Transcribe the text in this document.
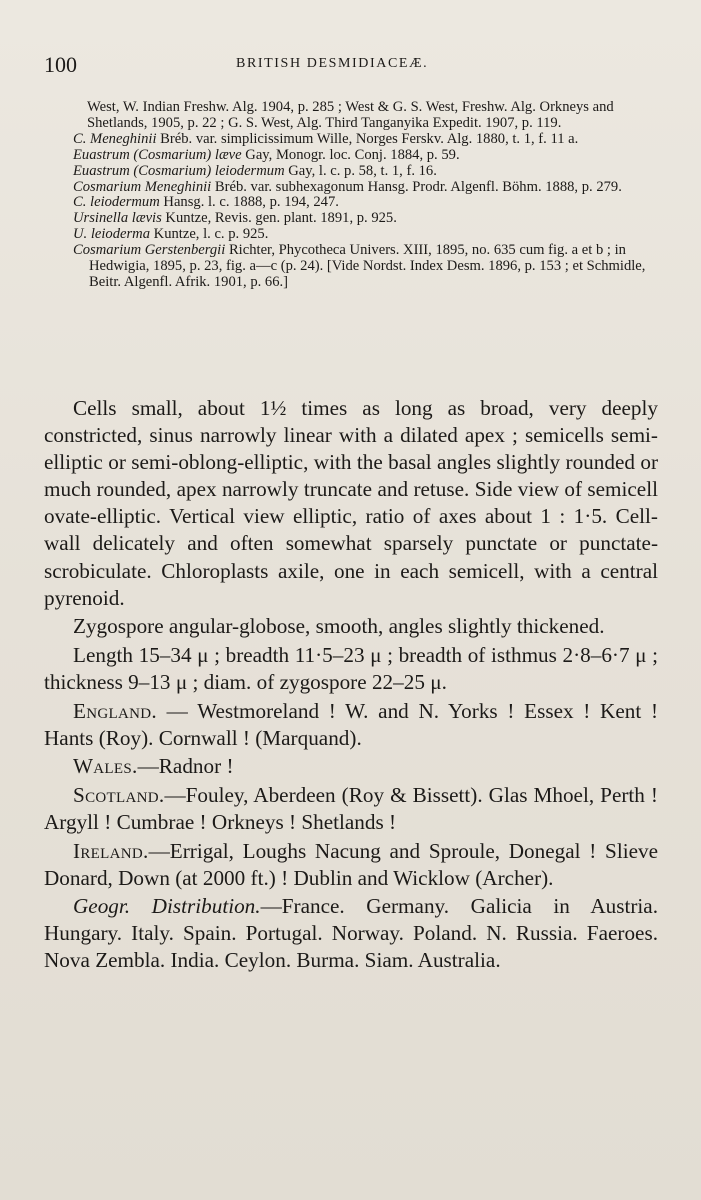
100	BRITISH DESMIDIACEÆ.

West, W. Indian Freshw. Alg. 1904, p. 285 ; West & G. S. West, Freshw. Alg. Orkneys and Shetlands, 1905, p. 22 ; G. S. West, Alg. Third Tanganyika Expedit. 1907, p. 119.

C. Meneghinii Bréb. var. simplicissimum Wille, Norges Ferskv. Alg. 1880, t. 1, f. 11 a.

Euastrum (Cosmarium) læve Gay, Monogr. loc. Conj. 1884, p. 59.

Euastrum (Cosmarium) leiodermum Gay, l. c. p. 58, t. 1, f. 16.

Cosmarium Meneghinii Bréb. var. subhexagonum Hansg. Prodr. Algenfl. Böhm. 1888, p. 279.

C. leiodermum Hansg. l. c. 1888, p. 194, 247.

Ursinella lævis Kuntze, Revis. gen. plant. 1891, p. 925.

U. leioderma Kuntze, l. c. p. 925.

Cosmarium Gerstenbergii Richter, Phycotheca Univers. XIII, 1895, no. 635 cum fig. a et b ; in Hedwigia, 1895, p. 23, fig. a—c (p. 24). [Vide Nordst. Index Desm. 1896, p. 153 ; et Schmidle, Beitr. Algenfl. Afrik. 1901, p. 66.]

Cells small, about 1½ times as long as broad, very deeply constricted, sinus narrowly linear with a dilated apex ; semicells semi-elliptic or semi-oblong-elliptic, with the basal angles slightly rounded or much rounded, apex narrowly truncate and retuse. Side view of semicell ovate-elliptic. Vertical view elliptic, ratio of axes about 1 : 1·5. Cell-wall delicately and often somewhat sparsely punctate or punctate-scrobiculate. Chloroplasts axile, one in each semicell, with a central pyrenoid.

Zygospore angular-globose, smooth, angles slightly thickened.

Length 15–34 μ ; breadth 11·5–23 μ ; breadth of isthmus 2·8–6·7 μ ; thickness 9–13 μ ; diam. of zygospore 22–25 μ.

England. — Westmoreland ! W. and N. Yorks ! Essex ! Kent ! Hants (Roy). Cornwall ! (Marquand).

Wales.—Radnor !

Scotland.—Fouley, Aberdeen (Roy & Bissett). Glas Mhoel, Perth ! Argyll ! Cumbrae ! Orkneys ! Shetlands !

Ireland.—Errigal, Loughs Nacung and Sproule, Donegal ! Slieve Donard, Down (at 2000 ft.) ! Dublin and Wicklow (Archer).

Geogr. Distribution.—France. Germany. Galicia in Austria. Hungary. Italy. Spain. Portugal. Norway. Poland. N. Russia. Faeroes. Nova Zembla. India. Ceylon. Burma. Siam. Australia.
